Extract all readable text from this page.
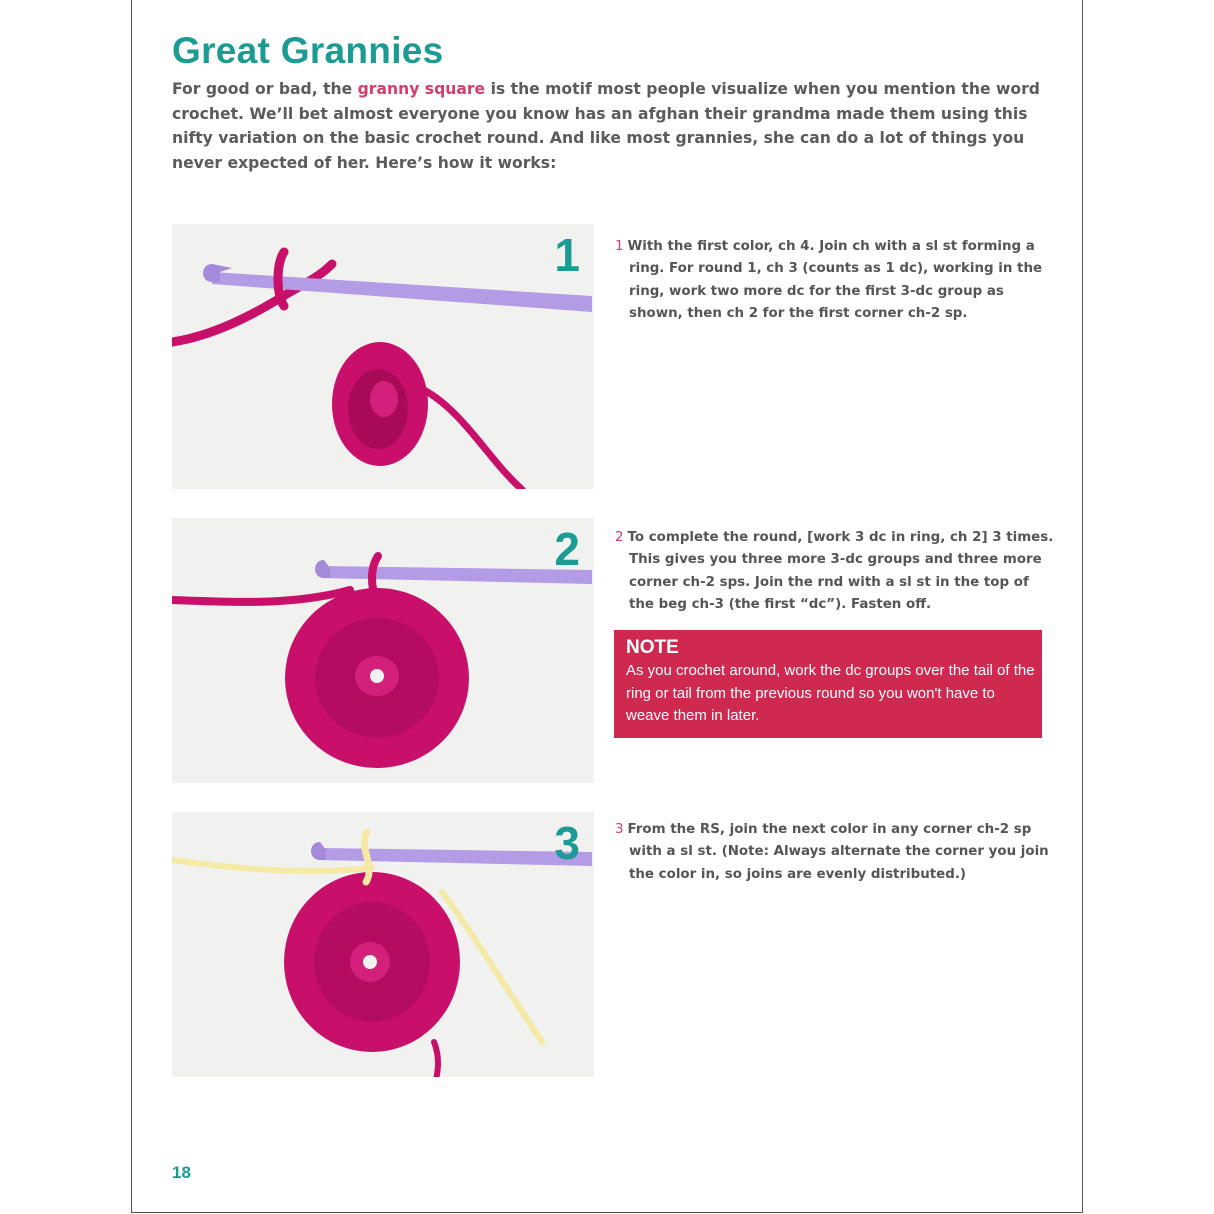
Great Grannies

For good or bad, the granny square is the motif most people visualize when you mention the word crochet. We’ll bet almost everyone you know has an afghan their grandma made them using this nifty variation on the basic crochet round. And like most grannies, she can do a lot of things you never expected of her. Here’s how it works:

1
2
3

1 With the first color, ch 4. Join ch with a sl st forming a ring. For round 1, ch 3 (counts as 1 dc), working in the ring, work two more dc for the first 3-dc group as shown, then ch 2 for the first corner ch-2 sp.

2 To complete the round, [work 3 dc in ring, ch 2] 3 times. This gives you three more 3-dc groups and three more corner ch-2 sps. Join the rnd with a sl st in the top of the beg ch-3 (the first “dc”). Fasten off.

NOTE
As you crochet around, work the dc groups over the tail of the ring or tail from the previous round so you won't have to weave them in later.

3 From the RS, join the next color in any corner ch-2 sp with a sl st. (Note: Always alternate the corner you join the color in, so joins are evenly distributed.)

18
